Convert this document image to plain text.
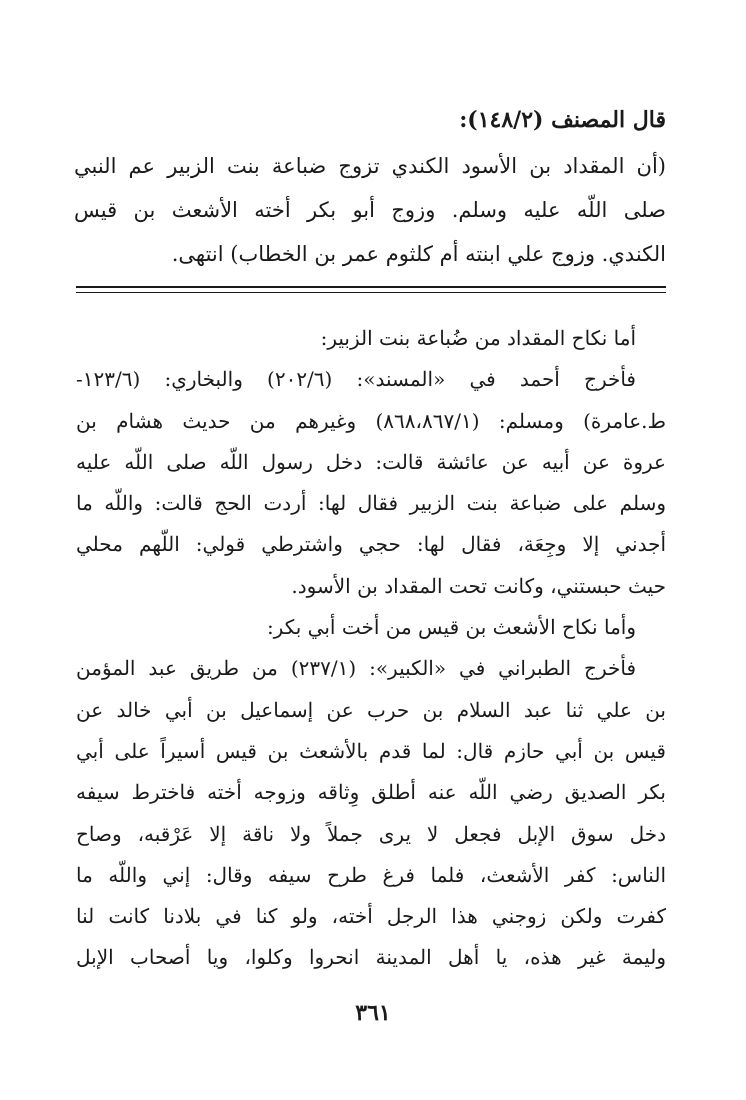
قال المصنف (١٤٨/٢):
(أن المقداد بن الأسود الكندي تزوج ضباعة بنت الزبير عم النبي
صلى اللّه عليه وسلم. وزوج أبو بكر أخته الأشعث بن قيس
الكندي. وزوج علي ابنته أم كلثوم عمر بن الخطاب) انتهى.
أما نكاح المقداد من ضُباعة بنت الزبير:
فأخرج أحمد في «المسند»: (٢٠٢/٦) والبخاري: (١٢٣/٦-
ط.عامرة) ومسلم: (٨٦٨،٨٦٧/١) وغيرهم من حديث هشام بن
عروة عن أبيه عن عائشة قالت: دخل رسول اللّه صلى اللّه عليه
وسلم على ضباعة بنت الزبير فقال لها: أردت الحج قالت: واللّه ما
أجدني إلا وجِعَة، فقال لها: حجي واشترطي قولي: اللّهم محلي
حيث حبستني، وكانت تحت المقداد بن الأسود.
وأما نكاح الأشعث بن قيس من أخت أبي بكر:
فأخرج الطبراني في «الكبير»: (٢٣٧/١) من طريق عبد المؤمن
بن علي ثنا عبد السلام بن حرب عن إسماعيل بن أبي خالد عن
قيس بن أبي حازم قال: لما قدم بالأشعث بن قيس أسيراً على أبي
بكر الصديق رضي اللّه عنه أطلق وِثاقه وزوجه أخته فاخترط سيفه
دخل سوق الإبل فجعل لا يرى جملاً ولا ناقة إلا عَرْقبه، وصاح
الناس: كفر الأشعث، فلما فرغ طرح سيفه وقال: إني واللّه ما
كفرت ولكن زوجني هذا الرجل أخته، ولو كنا في بلادنا كانت لنا
وليمة غير هذه، يا أهل المدينة انحروا وكلوا، ويا أصحاب الإبل
٣٦١
